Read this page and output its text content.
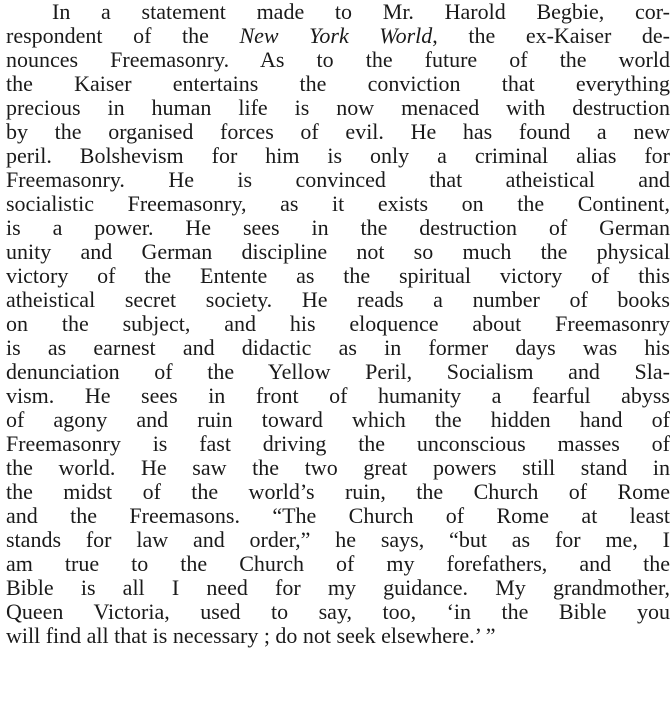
In a statement made to Mr. Harold Begbie, cor-
respondent of the New York World, the ex-Kaiser de-
nounces Freemasonry. As to the future of the world
the Kaiser entertains the conviction that everything
precious in human life is now menaced with destruction
by the organised forces of evil. He has found a new
peril. Bolshevism for him is only a criminal alias for
Freemasonry. He is convinced that atheistical and
socialistic Freemasonry, as it exists on the Continent,
is a power. He sees in the destruction of German
unity and German discipline not so much the physical
victory of the Entente as the spiritual victory of this
atheistical secret society. He reads a number of books
on the subject, and his eloquence about Freemasonry
is as earnest and didactic as in former days was his
denunciation of the Yellow Peril, Socialism and Sla-
vism. He sees in front of humanity a fearful abyss
of agony and ruin toward which the hidden hand of
Freemasonry is fast driving the unconscious masses of
the world. He saw the two great powers still stand in
the midst of the world’s ruin, the Church of Rome
and the Freemasons. “The Church of Rome at least
stands for law and order,” he says, “but as for me, I
am true to the Church of my forefathers, and the
Bible is all I need for my guidance. My grandmother,
Queen Victoria, used to say, too, ‘in the Bible you
will find all that is necessary ; do not seek elsewhere.’ ”
